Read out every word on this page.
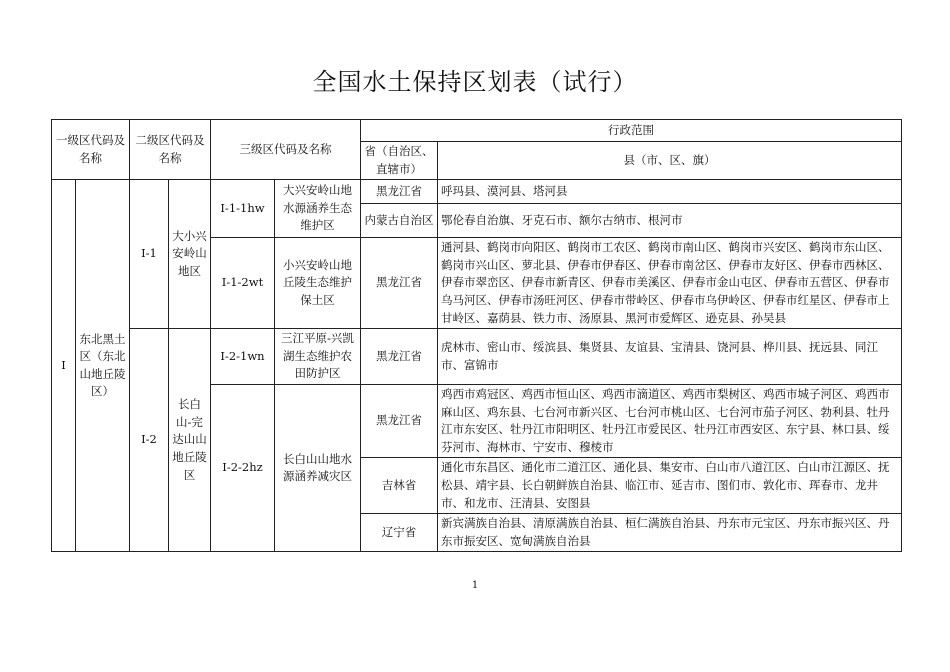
全国水土保持区划表（试行）
一级区代码及名称		二级区代码及名称		三级区代码及名称		行政范围	
						省（自治区、直辖市）	县（市、区、旗）
Ⅰ	东北黑土区（东北山地丘陵区）	Ⅰ-1	大小兴安岭山地区	Ⅰ-1-1hw	大兴安岭山地水源涵养生态维护区	黑龙江省	呼玛县、漠河县、塔河县
						内蒙古自治区	鄂伦春自治旗、牙克石市、额尔古纳市、根河市
				Ⅰ-1-2wt	小兴安岭山地丘陵生态维护保土区	黑龙江省	通河县、鹤岗市向阳区、鹤岗市工农区、鹤岗市南山区、鹤岗市兴安区、鹤岗市东山区、鹤岗市兴山区、萝北县、伊春市伊春区、伊春市南岔区、伊春市友好区、伊春市西林区、伊春市翠峦区、伊春市新青区、伊春市美溪区、伊春市金山屯区、伊春市五营区、伊春市乌马河区、伊春市汤旺河区、伊春市带岭区、伊春市乌伊岭区、伊春市红星区、伊春市上甘岭区、嘉荫县、铁力市、汤原县、黑河市爱辉区、逊克县、孙吴县
		Ⅰ-2	长白山-完达山山地丘陵区	Ⅰ-2-1wn	三江平原-兴凯湖生态维护农田防护区	黑龙江省	虎林市、密山市、绥滨县、集贤县、友谊县、宝清县、饶河县、桦川县、抚远县、同江市、富锦市
				Ⅰ-2-2hz	长白山山地水源涵养减灾区	黑龙江省	鸡西市鸡冠区、鸡西市恒山区、鸡西市滴道区、鸡西市梨树区、鸡西市城子河区、鸡西市麻山区、鸡东县、七台河市新兴区、七台河市桃山区、七台河市茄子河区、勃利县、牡丹江市东安区、牡丹江市阳明区、牡丹江市爱民区、牡丹江市西安区、东宁县、林口县、绥芬河市、海林市、宁安市、穆棱市
						吉林省	通化市东昌区、通化市二道江区、通化县、集安市、白山市八道江区、白山市江源区、抚松县、靖宇县、长白朝鲜族自治县、临江市、延吉市、图们市、敦化市、珲春市、龙井市、和龙市、汪清县、安图县
						辽宁省	新宾满族自治县、清原满族自治县、桓仁满族自治县、丹东市元宝区、丹东市振兴区、丹东市振安区、宽甸满族自治县
1
